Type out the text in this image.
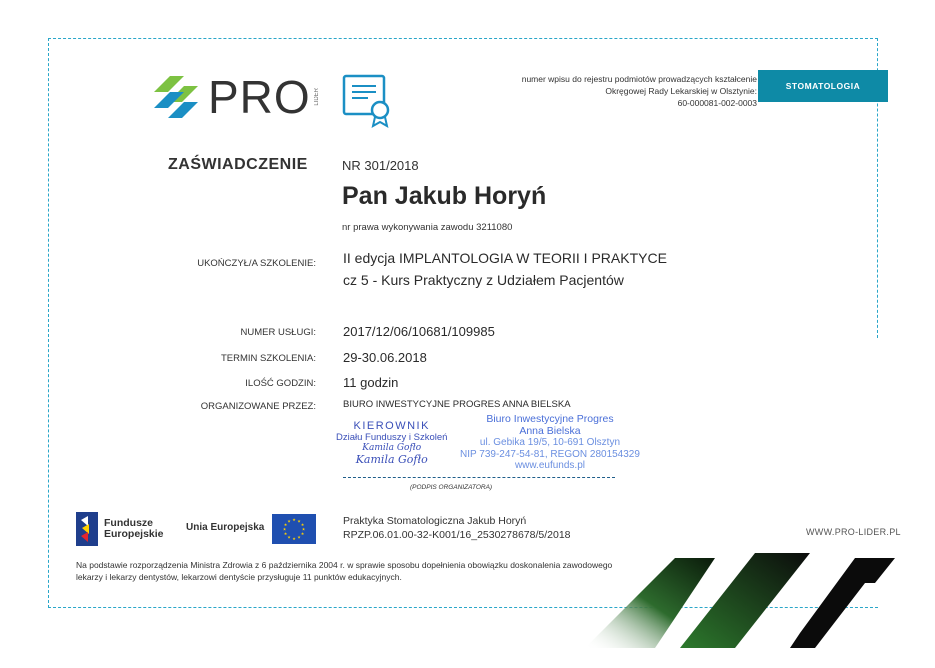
PRO LIDER
numer wpisu do rejestru podmiotów prowadzących kształcenie
Okręgowej Rady Lekarskiej w Olsztynie:
60-000081-002-0003
STOMATOLOGIA
ZAŚWIADCZENIE	NR 301/2018
Pan Jakub Horyń
nr prawa wykonywania zawodu 3211080
UKOŃCZYŁ/A SZKOLENIE: II edycja IMPLANTOLOGIA W TEORII I PRAKTYCE
cz 5 - Kurs Praktyczny z Udziałem Pacjentów
NUMER USŁUGI: 2017/12/06/10681/109985
TERMIN SZKOLENIA: 29-30.06.2018
ILOŚĆ GODZIN: 11 godzin
ORGANIZOWANE PRZEZ:	BIURO INWESTYCYJNE PROGRES ANNA BIELSKA
KIEROWNIK
Działu Funduszy i Szkoleń
Kamila Gofło
Kamila Gofło
Biuro Inwestycyjne Progres
Anna Bielska
ul. Gebika 19/5, 10-691 Olsztyn
NIP 739-247-54-81, REGON 280154329
www.eufunds.pl
(PODPIS ORGANIZATORA)
Fundusze
Europejskie
Unia Europejska
★ ★
★
★
★
★
★
★
★
★
★
★	Praktyka Stomatologiczna Jakub Horyń
RPZP.06.01.00-32-K001/16_2530278678/5/2018	WWW.PRO-LIDER.PL
Na podstawie rozporządzenia Ministra Zdrowia z 6 października 2004 r. w sprawie sposobu dopełnienia obowiązku doskonalenia zawodowego lekarzy i lekarzy dentystów, lekarzowi dentyście przysługuje 11 punktów edukacyjnych.
